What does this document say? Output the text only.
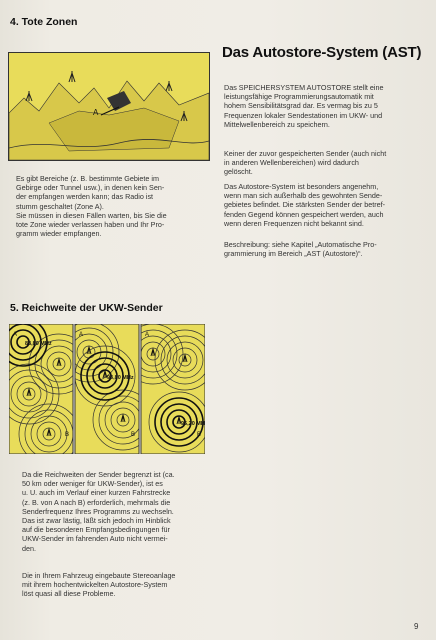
4. Tote Zonen
A
Es gibt Bereiche (z. B. bestimmte Gebiete im
Gebirge oder Tunnel usw.), in denen kein Sen-
der empfangen werden kann; das Radio ist
stumm geschaltet (Zone A).
Sie müssen in diesen Fällen warten, bis Sie die
tote Zone wieder verlassen haben und Ihr Pro-
gramm wieder empfangen.
Das Autostore-System (AST)
Das SPEICHERSYSTEM AUTOSTORE stellt eine
leistungsfähige Programmierungsautomatik mit
hohem Sensibilitätsgrad dar. Es vermag bis zu 5
Frequenzen lokaler Sendestationen im UKW- und
Mittelwellenbereich zu speichern.
Keiner der zuvor gespeicherten Sender (auch nicht
in anderen Wellenbereichen) wird dadurch
gelöscht.
Das Autostore-System ist besonders angenehm,
wenn man sich außerhalb des gewohnten Sende-
gebietes befindet. Die stärksten Sender der betref-
fenden Gegend können gespeichert werden, auch
wenn deren Frequenzen nicht bekannt sind.
Beschreibung: siehe Kapitel „Automatische Pro-
grammierung im Bereich „AST (Autostore)“.
5. Reichweite der UKW-Sender
88,80 MHz
A
B
93,80 MHz
A
B
96,20 MHz
A
B
Da die Reichweiten der Sender begrenzt ist (ca.
50 km oder weniger für UKW-Sender), ist es
u. U. auch im Verlauf einer kurzen Fahrstrecke
(z. B. von A nach B) erforderlich, mehrmals die
Senderfrequenz Ihres Programms zu wechseln.
Das ist zwar lästig, läßt sich jedoch im Hinblick
auf die besonderen Empfangsbedingungen für
UKW-Sender im fahrenden Auto nicht vermei-
den.
Die in Ihrem Fahrzeug eingebaute Stereoanlage
mit ihrem hochentwickelten Autostore-System
löst quasi all diese Probleme.
9
